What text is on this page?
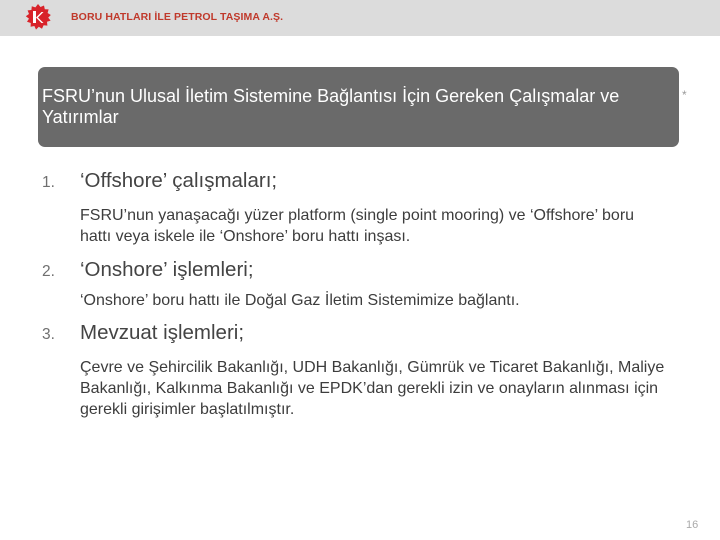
BORU HATLARI İLE PETROL TAŞIMA A.Ş.
FSRU’nun Ulusal İletim Sistemine Bağlantısı İçin Gereken Çalışmalar ve Yatırımlar
*
1. ‘Offshore’ çalışmaları;
FSRU’nun yanaşacağı yüzer platform (single point mooring) ve ‘Offshore’ boru hattı veya iskele ile ‘Onshore’ boru hattı inşası.
2. ‘Onshore’ işlemleri;
‘Onshore’ boru hattı ile Doğal Gaz İletim Sistemimize bağlantı.
3. Mevzuat işlemleri;
Çevre ve Şehircilik Bakanlığı, UDH Bakanlığı, Gümrük ve Ticaret Bakanlığı, Maliye Bakanlığı, Kalkınma Bakanlığı ve EPDK’dan gerekli izin ve onayların alınması için gerekli girişimler başlatılmıştır.
16
